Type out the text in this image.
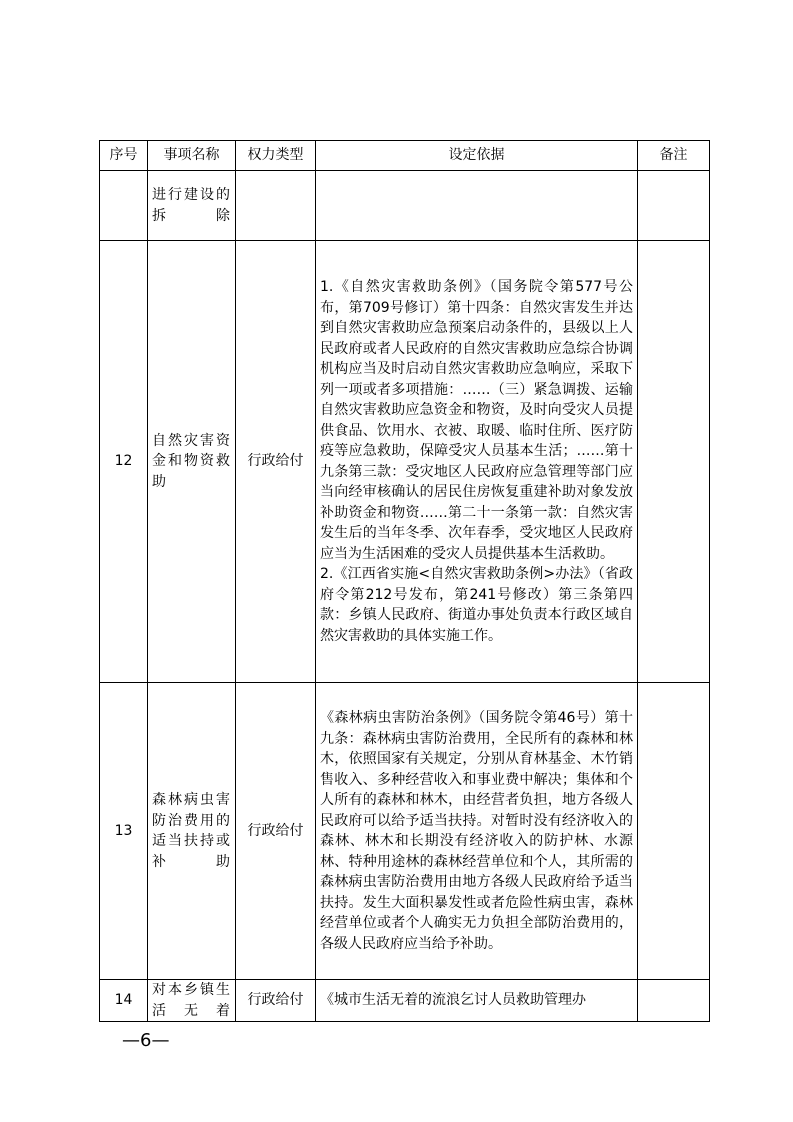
序号	事项名称	权力类型	设定依据	备注
	进行建设的拆除			
12	自然灾害资金和物资救助	行政给付	1.《自然灾害救助条例》（国务院令第577号公布，第709号修订）第十四条：自然灾害发生并达到自然灾害救助应急预案启动条件的，县级以上人民政府或者人民政府的自然灾害救助应急综合协调机构应当及时启动自然灾害救助应急响应，采取下列一项或者多项措施：……（三）紧急调拨、运输自然灾害救助应急资金和物资，及时向受灾人员提供食品、饮用水、衣被、取暖、临时住所、医疗防疫等应急救助，保障受灾人员基本生活；……第十九条第三款：受灾地区人民政府应急管理等部门应当向经审核确认的居民住房恢复重建补助对象发放补助资金和物资……第二十一条第一款：自然灾害发生后的当年冬季、次年春季，受灾地区人民政府应当为生活困难的受灾人员提供基本生活救助。
2.《江西省实施<自然灾害救助条例>办法》（省政府令第212号发布，第241号修改）第三条第四款：乡镇人民政府、街道办事处负责本行政区域自然灾害救助的具体实施工作。	

13	森林病虫害防治费用的适当扶持或补助	行政给付	《森林病虫害防治条例》（国务院令第46号）第十九条：森林病虫害防治费用，全民所有的森林和林木，依照国家有关规定，分别从育林基金、木竹销售收入、多种经营收入和事业费中解决；集体和个人所有的森林和林木，由经营者负担，地方各级人民政府可以给予适当扶持。对暂时没有经济收入的森林、林木和长期没有经济收入的防护林、水源林、特种用途林的森林经营单位和个人，其所需的森林病虫害防治费用由地方各级人民政府给予适当扶持。发生大面积暴发性或者危险性病虫害，森林经营单位或者个人确实无力负担全部防治费用的，各级人民政府应当给予补助。	

14	对本乡镇生活无着	行政给付	《城市生活无着的流浪乞讨人员救助管理办	

—6—
